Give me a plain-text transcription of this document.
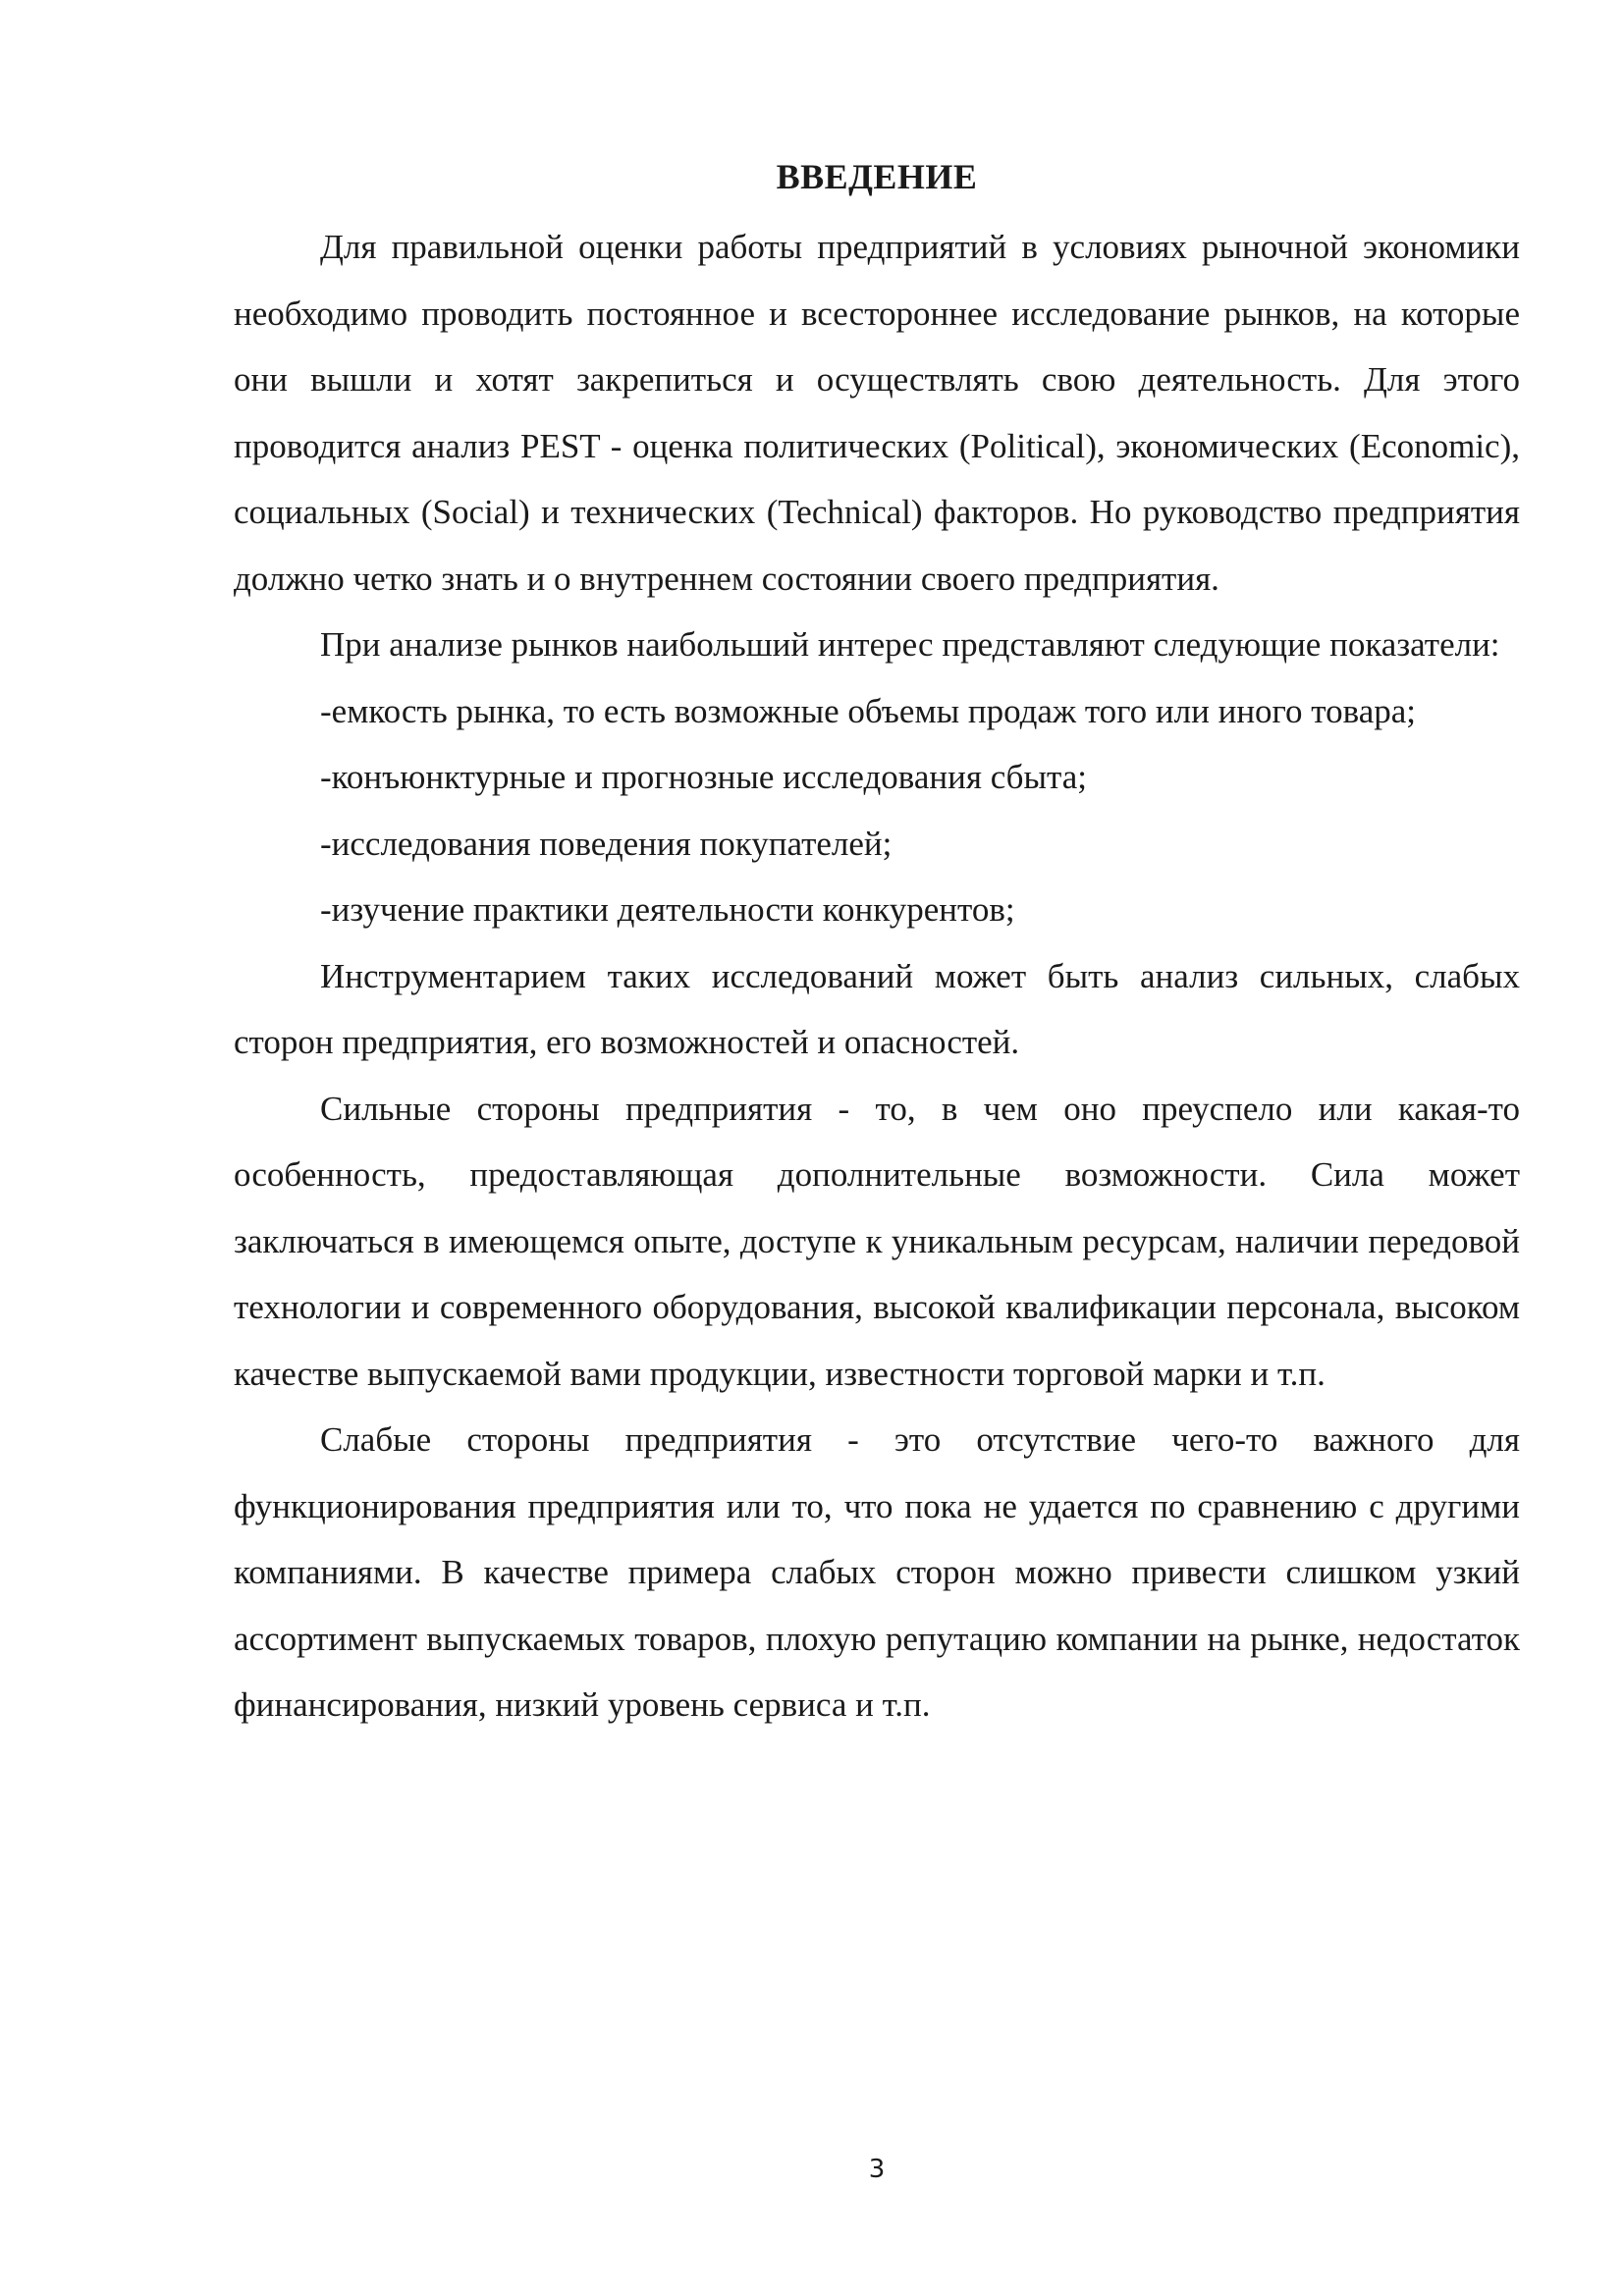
ВВЕДЕНИЕ

Для правильной оценки работы предприятий в условиях рыночной экономики необходимо проводить постоянное и всестороннее исследование рынков, на которые они вышли и хотят закрепиться и осуществлять свою деятельность. Для этого проводится анализ PEST - оценка политических (Political), экономических (Economic), социальных (Social) и технических (Technical) факторов. Но руководство предприятия должно четко знать и о внутреннем состоянии своего предприятия.

При анализе рынков наибольший интерес представляют следующие показатели:

-емкость рынка, то есть возможные объемы продаж того или иного товара;

-конъюнктурные и прогнозные исследования сбыта;

-исследования поведения покупателей;

-изучение практики деятельности конкурентов;

Инструментарием таких исследований может быть анализ сильных, слабых сторон предприятия, его возможностей и опасностей.

Сильные стороны предприятия - то, в чем оно преуспело или какая-то особенность, предоставляющая дополнительные возможности. Сила может заключаться в имеющемся опыте, доступе к уникальным ресурсам, наличии передовой технологии и современного оборудования, высокой квалификации персонала, высоком качестве выпускаемой вами продукции, известности торговой марки и т.п.

Слабые стороны предприятия - это отсутствие чего-то важного для функционирования предприятия или то, что пока не удается по сравнению с другими компаниями. В качестве примера слабых сторон можно привести слишком узкий ассортимент выпускаемых товаров, плохую репутацию компании на рынке, недостаток финансирования, низкий уровень сервиса и т.п.

3
